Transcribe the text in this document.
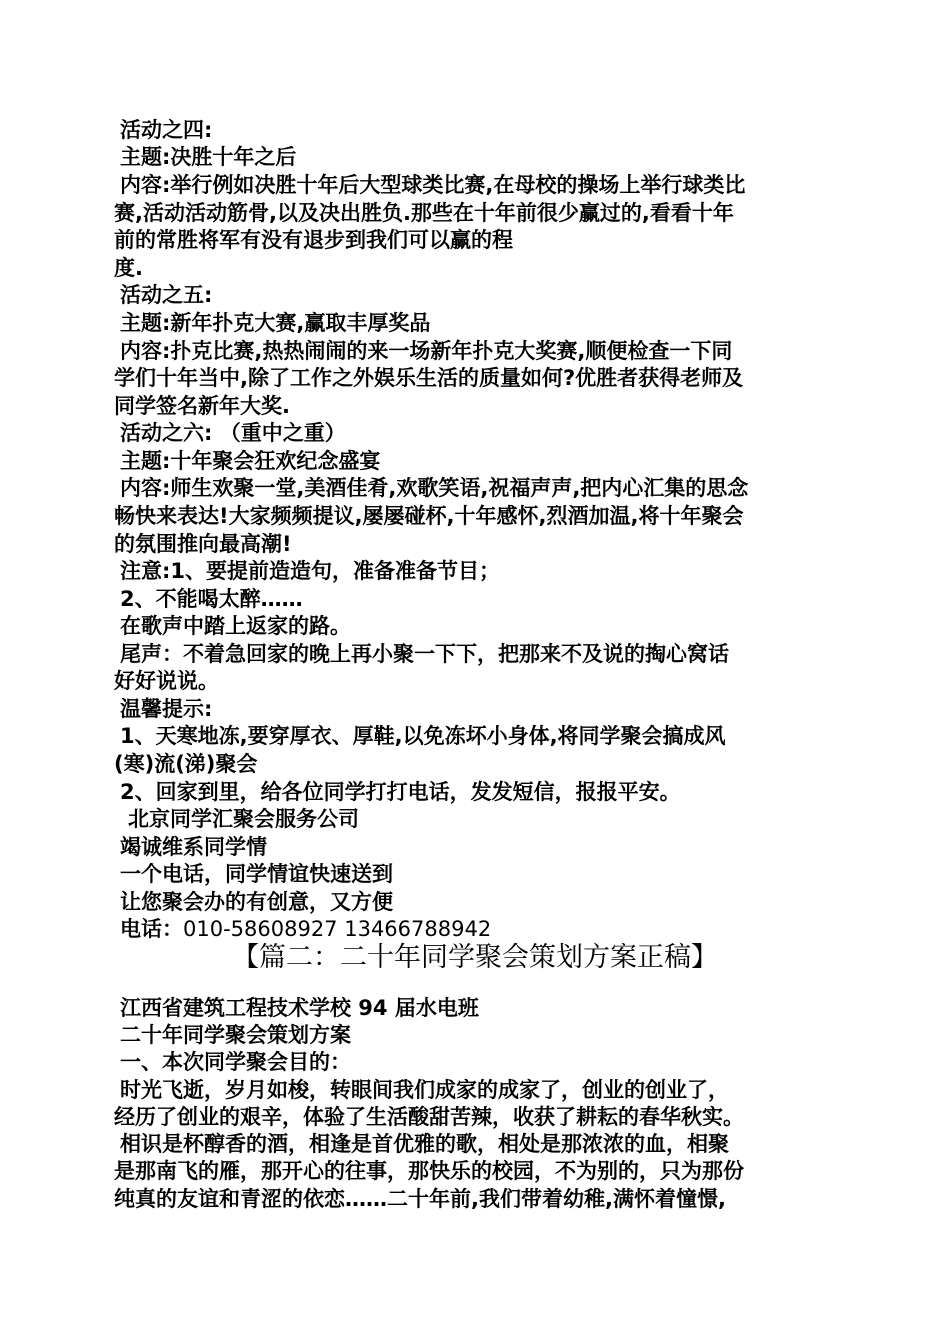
活动之四:
主题:决胜十年之后
内容:举行例如决胜十年后大型球类比赛,在母校的操场上举行球类比
赛,活动活动筋骨,以及决出胜负.那些在十年前很少赢过的,看看十年
前的常胜将军有没有退步到我们可以赢的程
度.
活动之五:
主题:新年扑克大赛,赢取丰厚奖品
内容:扑克比赛,热热闹闹的来一场新年扑克大奖赛,顺便检查一下同
学们十年当中,除了工作之外娱乐生活的质量如何?优胜者获得老师及
同学签名新年大奖.
活动之六: （重中之重）
主题:十年聚会狂欢纪念盛宴
内容:师生欢聚一堂,美酒佳肴,欢歌笑语,祝福声声,把内心汇集的思念
畅快来表达!大家频频提议,屡屡碰杯,十年感怀,烈酒加温,将十年聚会
的氛围推向最高潮!
注意:1、要提前造造句，准备准备节目；
2、不能喝太醉……
在歌声中踏上返家的路。
尾声：不着急回家的晚上再小聚一下下，把那来不及说的掏心窝话
好好说说。
温馨提示:
1、天寒地冻,要穿厚衣、厚鞋,以免冻坏小身体,将同学聚会搞成风
(寒)流(涕)聚会
2、回家到里，给各位同学打打电话，发发短信，报报平安。
北京同学汇聚会服务公司
竭诚维系同学情
一个电话，同学情谊快速送到
让您聚会办的有创意，又方便
电话：010-58608927 13466788942
【篇二：二十年同学聚会策划方案正稿】
江西省建筑工程技术学校 94 届水电班
二十年同学聚会策划方案
一、本次同学聚会目的：
时光飞逝，岁月如梭，转眼间我们成家的成家了，创业的创业了，
经历了创业的艰辛，体验了生活酸甜苦辣，收获了耕耘的春华秋实。
相识是杯醇香的酒，相逢是首优雅的歌，相处是那浓浓的血，相聚
是那南飞的雁，那开心的往事，那快乐的校园，不为别的，只为那份
纯真的友谊和青涩的依恋……二十年前,我们带着幼稚,满怀着憧憬,
